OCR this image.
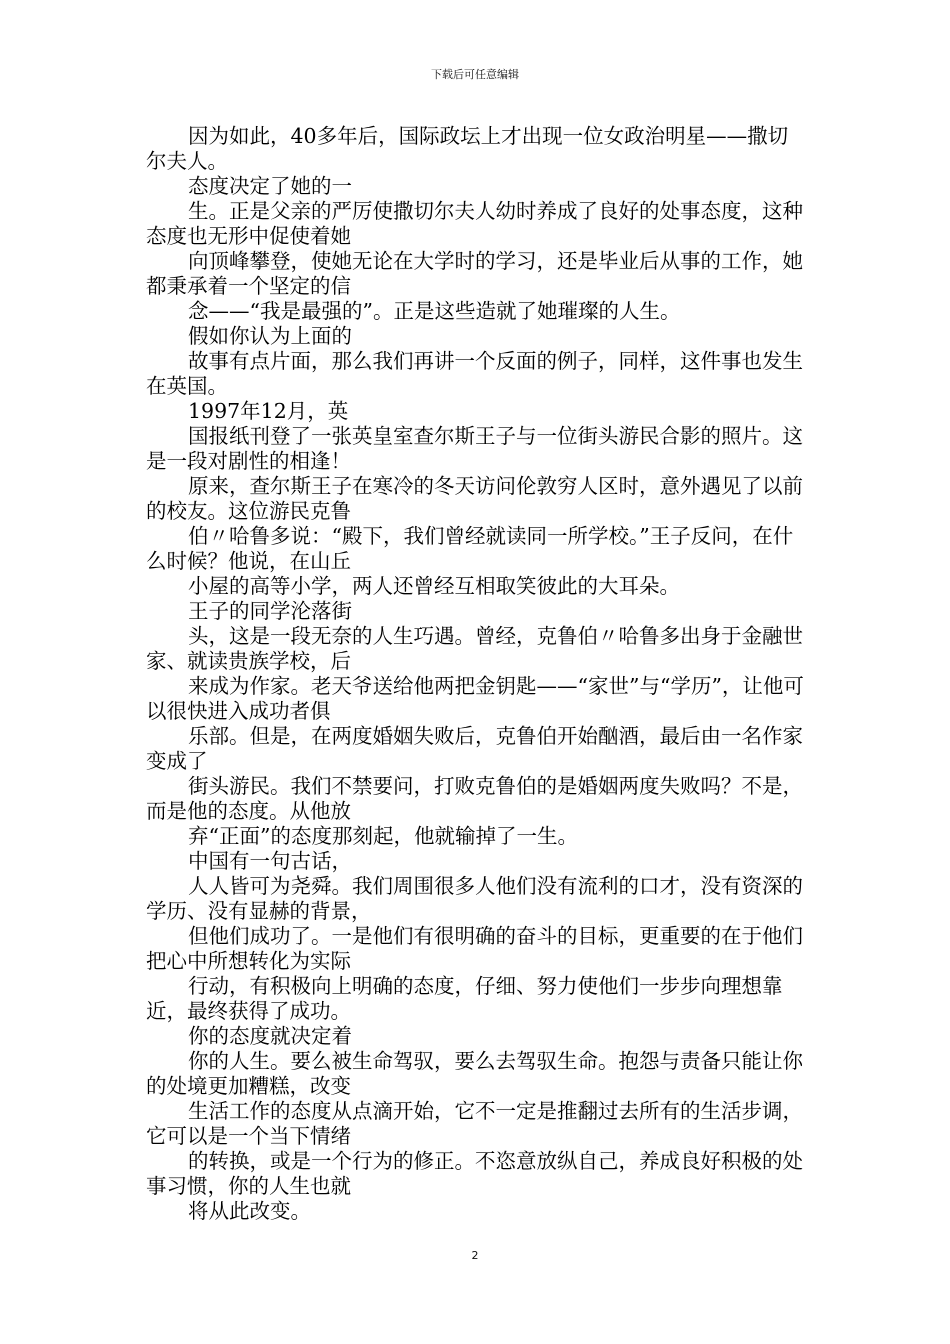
下载后可任意编辑

因为如此，40多年后，国际政坛上才出现一位女政治明星——撒切尔夫人。

态度决定了她的一

生。正是父亲的严厉使撒切尔夫人幼时养成了良好的处事态度，这种态度也无形中促使着她

向顶峰攀登，使她无论在大学时的学习，还是毕业后从事的工作，她都秉承着一个坚定的信

念——“我是最强的”。正是这些造就了她璀璨的人生。

假如你认为上面的

故事有点片面，那么我们再讲一个反面的例子，同样，这件事也发生在英国。

1997年12月，英

国报纸刊登了一张英皇室查尔斯王子与一位街头游民合影的照片。这是一段对剧性的相逢！

原来，查尔斯王子在寒冷的冬天访问伦敦穷人区时，意外遇见了以前的校友。这位游民克鲁

伯〃哈鲁多说：“殿下，我们曾经就读同一所学校。”王子反问，在什么时候？他说，在山丘

小屋的高等小学，两人还曾经互相取笑彼此的大耳朵。

王子的同学沦落街

头，这是一段无奈的人生巧遇。曾经，克鲁伯〃哈鲁多出身于金融世家、就读贵族学校，后

来成为作家。老天爷送给他两把金钥匙——“家世”与“学历”，让他可以很快进入成功者俱

乐部。但是，在两度婚姻失败后，克鲁伯开始酗酒，最后由一名作家变成了

街头游民。我们不禁要问，打败克鲁伯的是婚姻两度失败吗？不是，而是他的态度。从他放

弃“正面”的态度那刻起，他就输掉了一生。

中国有一句古话，

人人皆可为尧舜。我们周围很多人他们没有流利的口才，没有资深的学历、没有显赫的背景，

但他们成功了。一是他们有很明确的奋斗的目标，更重要的在于他们把心中所想转化为实际

行动，有积极向上明确的态度，仔细、努力使他们一步步向理想靠近，最终获得了成功。

你的态度就决定着

你的人生。要么被生命驾驭，要么去驾驭生命。抱怨与责备只能让你的处境更加糟糕，改变

生活工作的态度从点滴开始，它不一定是推翻过去所有的生活步调，它可以是一个当下情绪

的转换，或是一个行为的修正。不恣意放纵自己，养成良好积极的处事习惯，你的人生也就

将从此改变。

2
